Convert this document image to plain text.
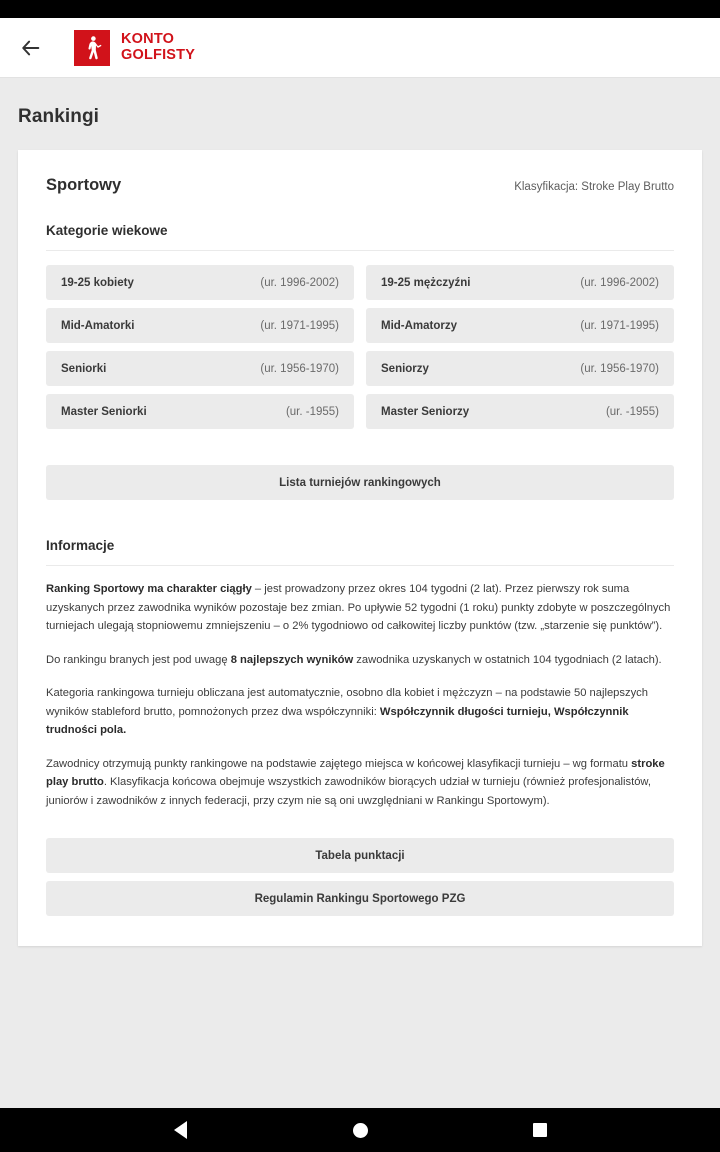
KONTO
GOLFISTY
Rankingi
Sportowy	Klasyfikacja: Stroke Play Brutto
Kategorie wiekowe
19-25 kobiety	(ur. 1996-2002)	19-25 mężczyźni	(ur. 1996-2002)
Mid-Amatorki	(ur. 1971-1995)	Mid-Amatorzy	(ur. 1971-1995)
Seniorki	(ur. 1956-1970)	Seniorzy	(ur. 1956-1970)
Master Seniorki	(ur. -1955)	Master Seniorzy	(ur. -1955)
Lista turniejów rankingowych
Informacje

Ranking Sportowy ma charakter ciągły – jest prowadzony przez okres 104 tygodni (2 lat). Przez pierwszy rok suma uzyskanych przez zawodnika wyników pozostaje bez zmian. Po upływie 52 tygodni (1 roku) punkty zdobyte w poszczególnych turniejach ulegają stopniowemu zmniejszeniu – o 2% tygodniowo od całkowitej liczby punktów (tzw. „starzenie się punktów”).

Do rankingu branych jest pod uwagę 8 najlepszych wyników zawodnika uzyskanych w ostatnich 104 tygodniach (2 latach).

Kategoria rankingowa turnieju obliczana jest automatycznie, osobno dla kobiet i mężczyzn – na podstawie 50 najlepszych wyników stableford brutto, pomnożonych przez dwa współczynniki: Współczynnik długości turnieju, Współczynnik trudności pola.

Zawodnicy otrzymują punkty rankingowe na podstawie zajętego miejsca w końcowej klasyfikacji turnieju – wg formatu stroke play brutto. Klasyfikacja końcowa obejmuje wszystkich zawodników biorących udział w turnieju (również profesjonalistów, juniorów i zawodników z innych federacji, przy czym nie są oni uwzględniani w Rankingu Sportowym).

Tabela punktacji
Regulamin Rankingu Sportowego PZG
